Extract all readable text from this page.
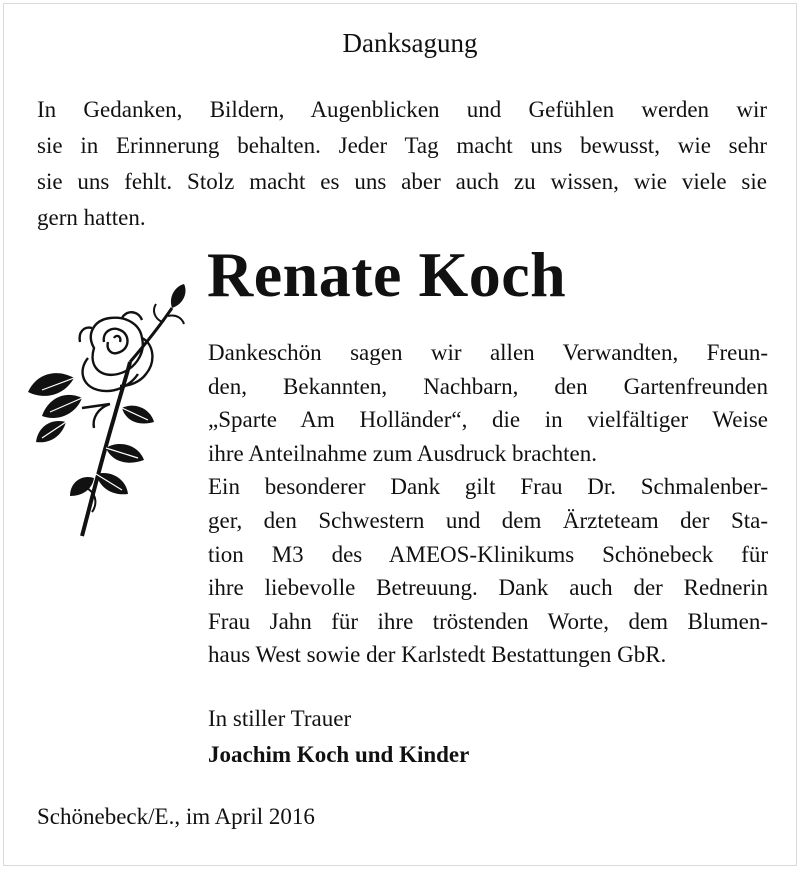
Danksagung
In Gedanken, Bildern, Augenblicken und Gefühlen werden wir
sie in Erinnerung behalten. Jeder Tag macht uns bewusst, wie sehr
sie uns fehlt. Stolz macht es uns aber auch zu wissen, wie viele sie
gern hatten.
Renate Koch
Dankeschön sagen wir allen Verwandten, Freun-
den, Bekannten, Nachbarn, den Gartenfreunden
„Sparte Am Holländer“, die in vielfältiger Weise
ihre Anteilnahme zum Ausdruck brachten.
Ein besonderer Dank gilt Frau Dr. Schmalenber-
ger, den Schwestern und dem Ärzteteam der Sta-
tion M3 des AMEOS-Klinikums Schönebeck für
ihre liebevolle Betreuung. Dank auch der Rednerin
Frau Jahn für ihre tröstenden Worte, dem Blumen-
haus West sowie der Karlstedt Bestattungen GbR.
In stiller Trauer
Joachim Koch und Kinder
Schönebeck/E., im April 2016
